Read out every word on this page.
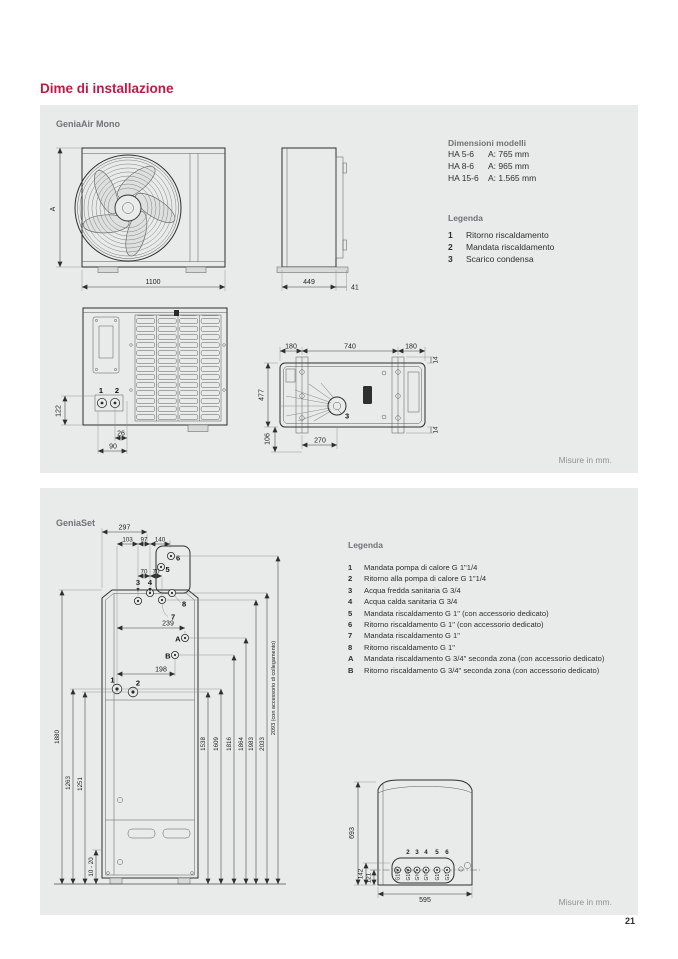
Dime di installazione
GeniaAir Mono
A
1100	449
41
1 2
122
26
90
3
180	740	180
14
14
477
106	270
Dimensioni modelli
HA 5-6	A: 765 mm
HA 8-6	A: 965 mm
HA 15-6	A: 1.565 mm
Legenda
1	Ritorno riscaldamento
2	Mandata riscaldamento
3	Scarico condensa
Misure in mm.
GeniaSet
3 4
5
6
7
8
A
B
1	2
297
103 97 140
70 70
239
198
1538 1609 1816 1864 1983 2033
2093 (con accessorio di collegamento)
1880
1263 1251
10 - 20
2 3 4 5 6
G1¼" G1¼" G¾" G¾" G1" G1"
693
142 121
595
Legenda
1	Mandata pompa di calore G 1"1/4
2	Ritorno alla pompa di calore G 1"1/4
3	Acqua fredda sanitaria G 3/4
4	Acqua calda sanitaria G 3/4
5	Mandata riscaldamento G 1" (con accessorio dedicato)
6	Ritorno riscaldamento G 1" (con accessorio dedicato)
7	Mandata riscaldamento G 1"
8	Ritorno riscaldamento G 1"
A	Mandata riscaldamento G 3/4" seconda zona (con accessorio dedicato)
B	Ritorno riscaldamento G 3/4" seconda zona (con accessorio dedicato)
Misure in mm.
21
